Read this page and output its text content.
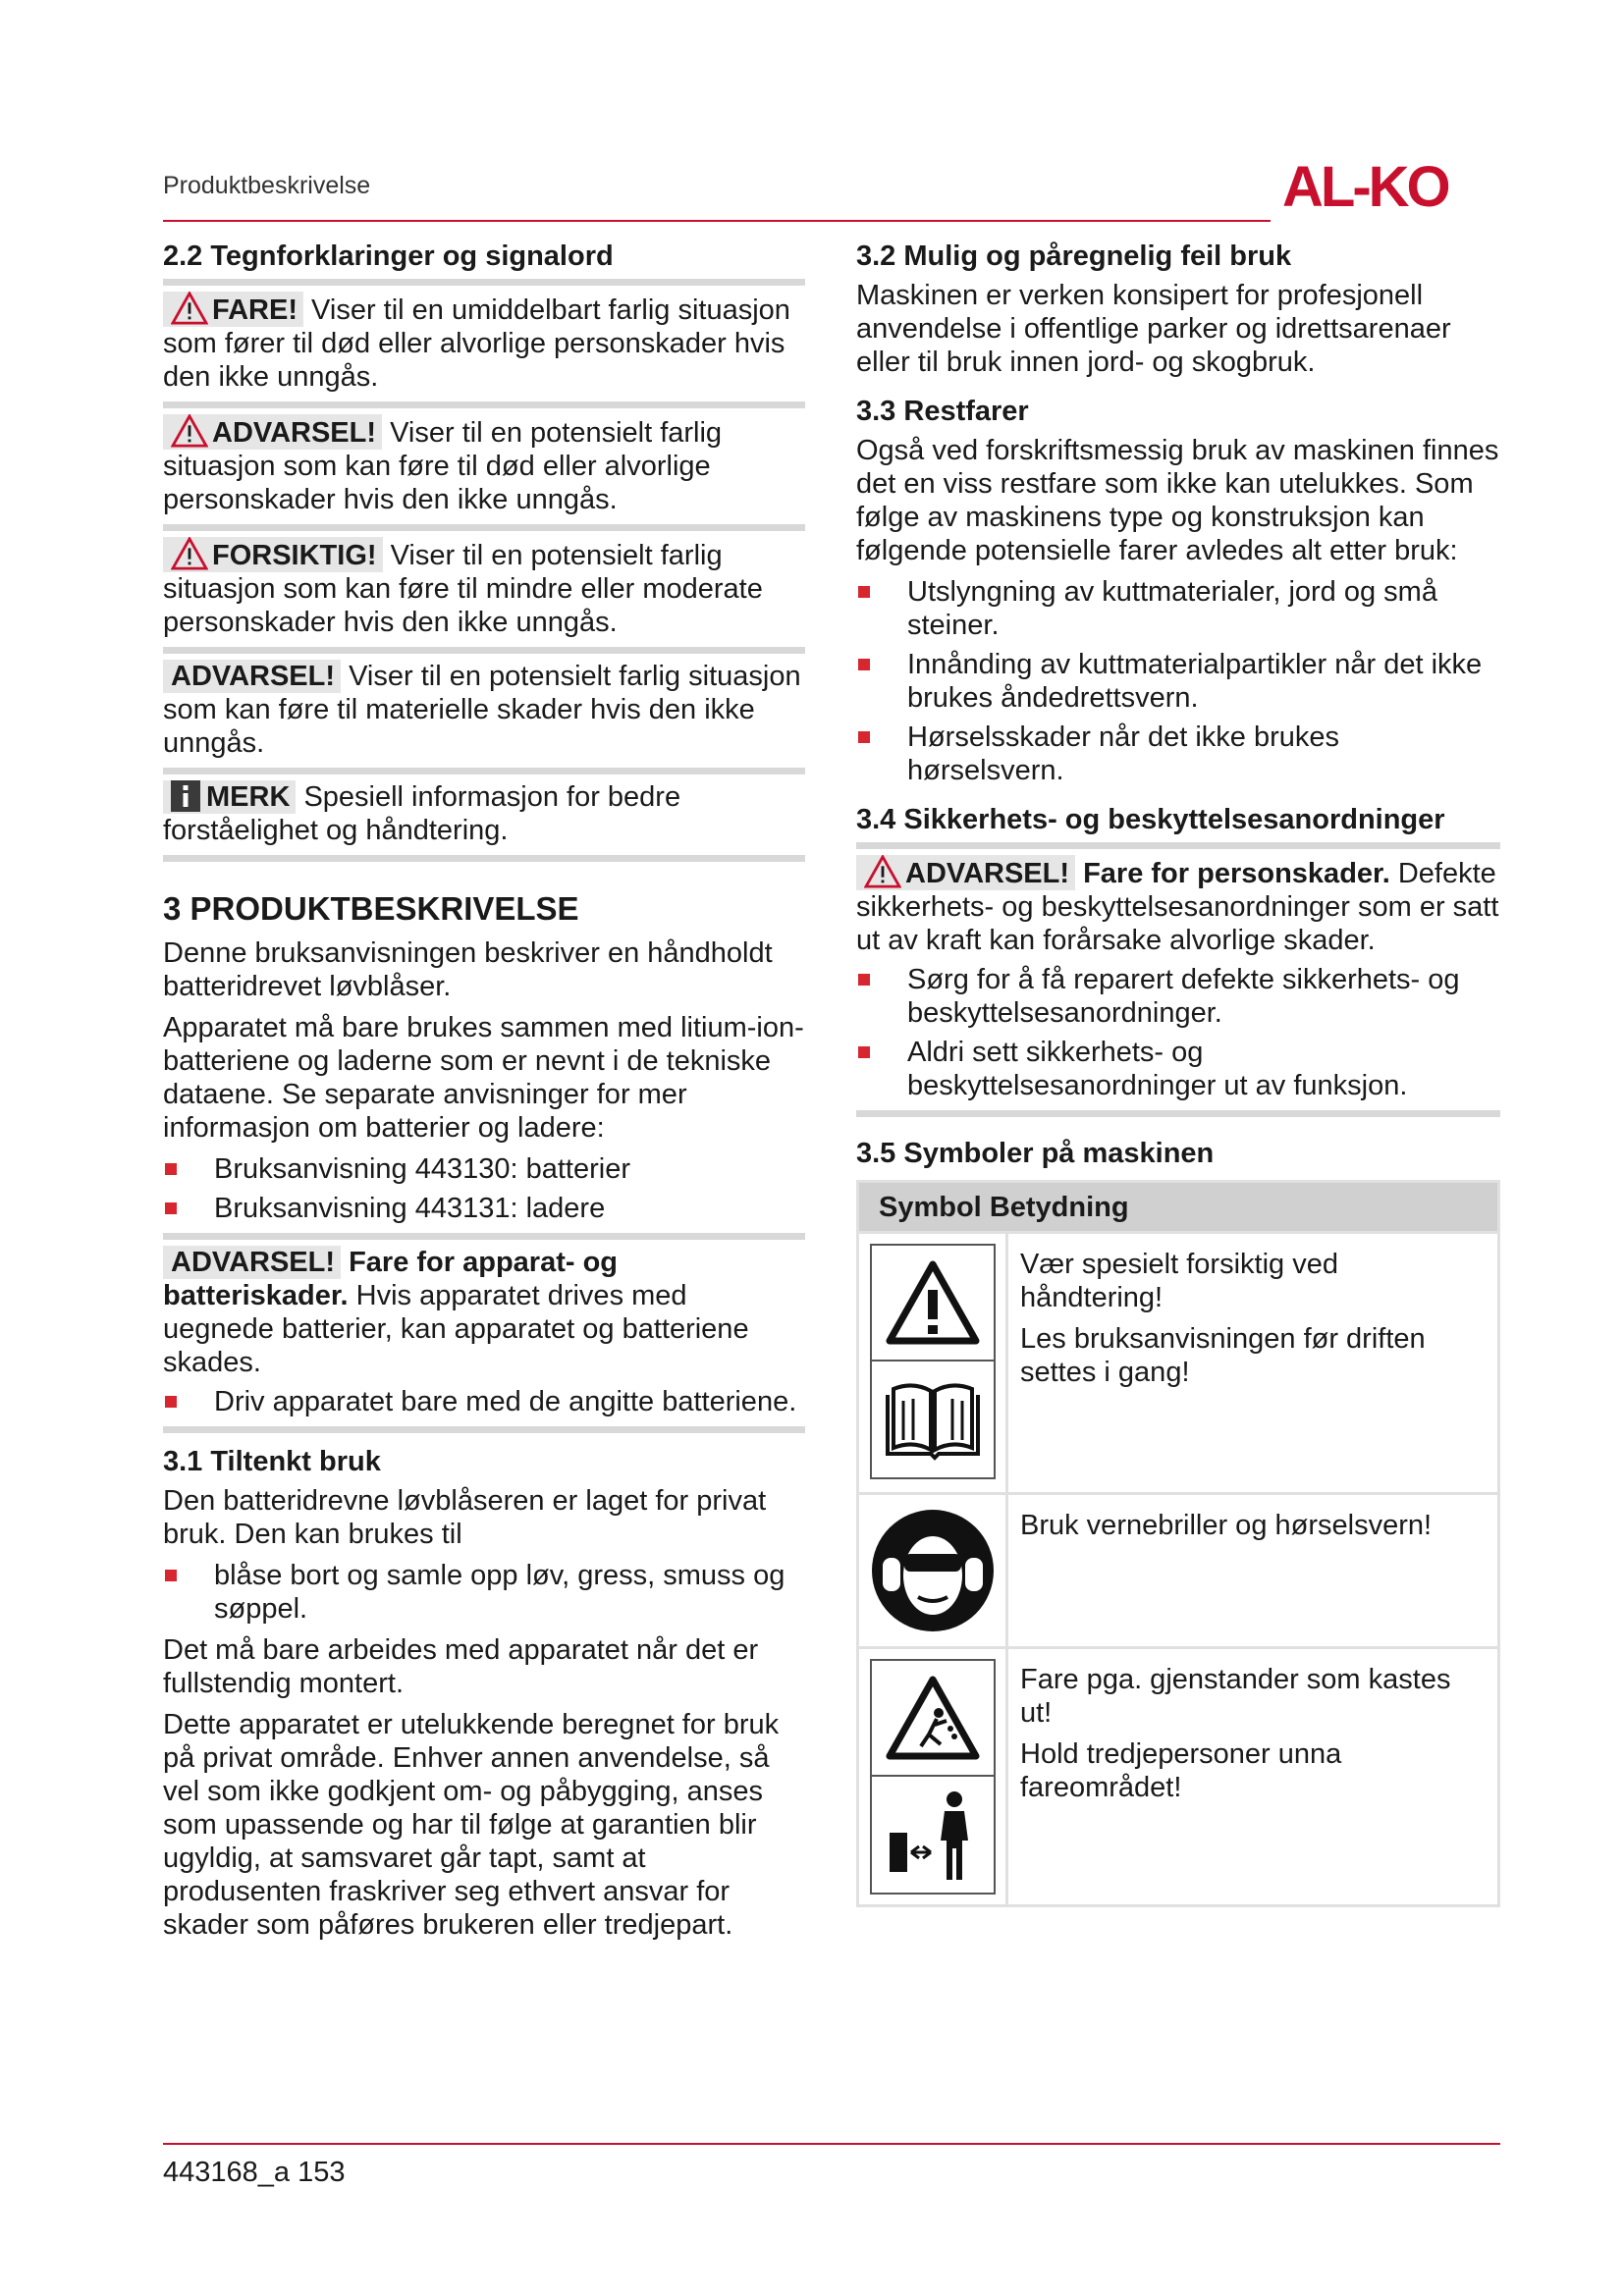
Produktbeskrivelse	AL-KO
2.2 Tegnforklaringer og signalord
FARE! Viser til en umiddelbart farlig situasjon som fører til død eller alvorlige personskader hvis den ikke unngås.
ADVARSEL! Viser til en potensielt farlig situasjon som kan føre til død eller alvorlige personskader hvis den ikke unngås.
FORSIKTIG! Viser til en potensielt farlig situasjon som kan føre til mindre eller moderate personskader hvis den ikke unngås.
ADVARSEL! Viser til en potensielt farlig situasjon som kan føre til materielle skader hvis den ikke unngås.
MERK Spesiell informasjon for bedre forståelighet og håndtering.
3 PRODUKTBESKRIVELSE

Denne bruksanvisningen beskriver en håndholdt batteridrevet løvblåser.

Apparatet må bare brukes sammen med litium-ion-batteriene og laderne som er nevnt i de tekniske dataene. Se separate anvisninger for mer informasjon om batterier og ladere:

Bruksanvisning 443130: batterier
Bruksanvisning 443131: ladere
ADVARSEL! Fare for apparat- og batteriskader. Hvis apparatet drives med uegnede batterier, kan apparatet og batteriene skades.
Driv apparatet bare med de angitte batteriene.
3.1 Tiltenkt bruk

Den batteridrevne løvblåseren er laget for privat bruk. Den kan brukes til

blåse bort og samle opp løv, gress, smuss og søppel.

Det må bare arbeides med apparatet når det er fullstendig montert.

Dette apparatet er utelukkende beregnet for bruk på privat område. Enhver annen anvendelse, så vel som ikke godkjent om- og påbygging, anses som upassende og har til følge at garantien blir ugyldig, at samsvaret går tapt, samt at produsenten fraskriver seg ethvert ansvar for skader som påføres brukeren eller tredjepart.

3.2 Mulig og påregnelig feil bruk

Maskinen er verken konsipert for profesjonell anvendelse i offentlige parker og idrettsarenaer eller til bruk innen jord- og skogbruk.

3.3 Restfarer

Også ved forskriftsmessig bruk av maskinen finnes det en viss restfare som ikke kan utelukkes. Som følge av maskinens type og konstruksjon kan følgende potensielle farer avledes alt etter bruk:

Utslyngning av kuttmaterialer, jord og små steiner.
Innånding av kuttmaterialpartikler når det ikke brukes åndedrettsvern.
Hørselsskader når det ikke brukes hørselsvern.
3.4 Sikkerhets- og beskyttelsesanordninger
ADVARSEL! Fare for personskader. Defekte sikkerhets- og beskyttelsesanordninger som er satt ut av kraft kan forårsake alvorlige skader.
Sørg for å få reparert defekte sikkerhets- og beskyttelsesanordninger.
Aldri sett sikkerhets- og beskyttelsesanordninger ut av funksjon.
3.5 Symboler på maskinen
Symbol Betydning	

Vær spesielt forsiktig ved håndtering!

Les bruksanvisningen før driften settes i gang!

Bruk vernebriller og hørselsvern!

Fare pga. gjenstander som kastes ut!

Hold tredjepersoner unna fareområdet!

443168_a 153
